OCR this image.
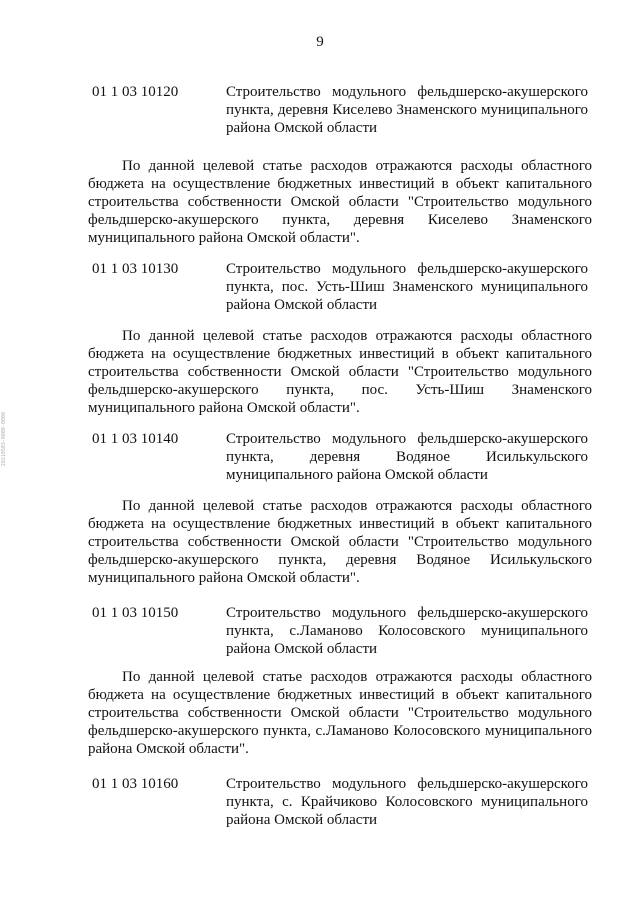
9
01 1 03 10120	Строительство модульного фельдшерско-акушерского пункта, деревня Киселево Знаменского муниципального района Омской области
По данной целевой статье расходов отражаются расходы областного бюджета на осуществление бюджетных инвестиций в объект капитального строительства собственности Омской области "Строительство модульного фельдшерско-акушерского пункта, деревня Киселево Знаменского муниципального района Омской области".
01 1 03 10130	Строительство модульного фельдшерско-акушерского пункта, пос. Усть-Шиш Знаменского муниципального района Омской области
По данной целевой статье расходов отражаются расходы областного бюджета на осуществление бюджетных инвестиций в объект капитального строительства собственности Омской области "Строительство модульного фельдшерско-акушерского пункта, пос. Усть-Шиш Знаменского муниципального района Омской области".
01 1 03 10140	Строительство модульного фельдшерско-акушерского пункта, деревня Водяное Исилькульского муниципального района Омской области
По данной целевой статье расходов отражаются расходы областного бюджета на осуществление бюджетных инвестиций в объект капитального строительства собственности Омской области "Строительство модульного фельдшерско-акушерского пункта, деревня Водяное Исилькульского муниципального района Омской области".
01 1 03 10150	Строительство модульного фельдшерско-акушерского пункта, с.Ламаново Колосовского муниципального района Омской области
По данной целевой статье расходов отражаются расходы областного бюджета на осуществление бюджетных инвестиций в объект капитального строительства собственности Омской области "Строительство модульного фельдшерско-акушерского пункта, с.Ламаново Колосовского муниципального района Омской области".
01 1 03 10160	Строительство модульного фельдшерско-акушерского пункта, с. Крайчиково Колосовского муниципального района Омской области
20210503-0000-0000
